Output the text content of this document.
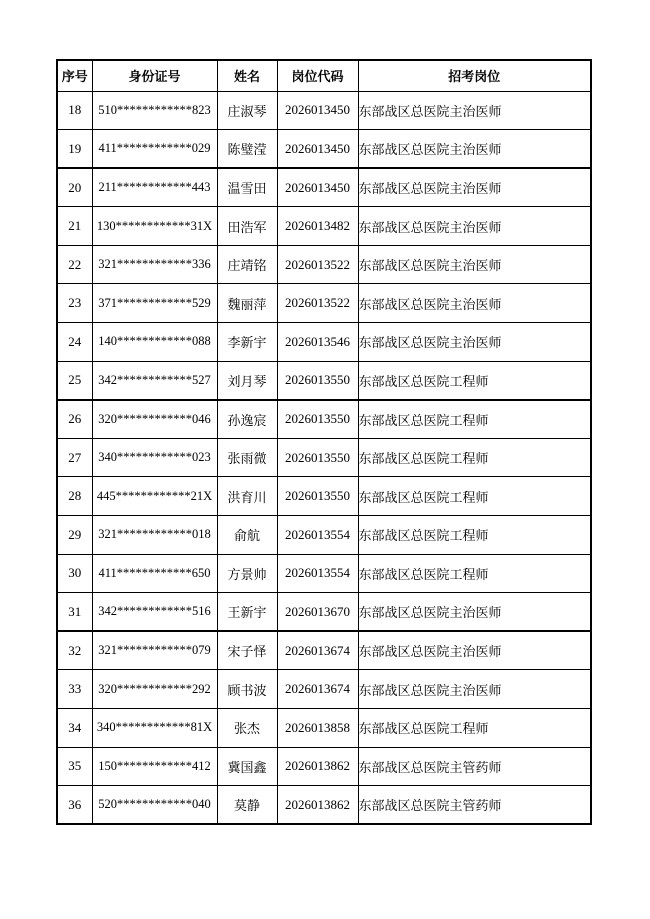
序号	身份证号	姓名	岗位代码	招考岗位
18	510************823	庄淑琴	2026013450	东部战区总医院主治医师
19	411************029	陈璧滢	2026013450	东部战区总医院主治医师
20	211************443	温雪田	2026013450	东部战区总医院主治医师
21	130************31X	田浩军	2026013482	东部战区总医院主治医师
22	321************336	庄靖铭	2026013522	东部战区总医院主治医师
23	371************529	魏丽萍	2026013522	东部战区总医院主治医师
24	140************088	李新宇	2026013546	东部战区总医院主治医师
25	342************527	刘月琴	2026013550	东部战区总医院工程师
26	320************046	孙逸宸	2026013550	东部战区总医院工程师
27	340************023	张雨微	2026013550	东部战区总医院工程师
28	445************21X	洪育川	2026013550	东部战区总医院工程师
29	321************018	俞航	2026013554	东部战区总医院工程师
30	411************650	方景帅	2026013554	东部战区总医院工程师
31	342************516	王新宇	2026013670	东部战区总医院主治医师
32	321************079	宋子怿	2026013674	东部战区总医院主治医师
33	320************292	顾书波	2026013674	东部战区总医院主治医师
34	340************81X	张杰	2026013858	东部战区总医院工程师
35	150************412	冀国鑫	2026013862	东部战区总医院主管药师
36	520************040	莫静	2026013862	东部战区总医院主管药师
